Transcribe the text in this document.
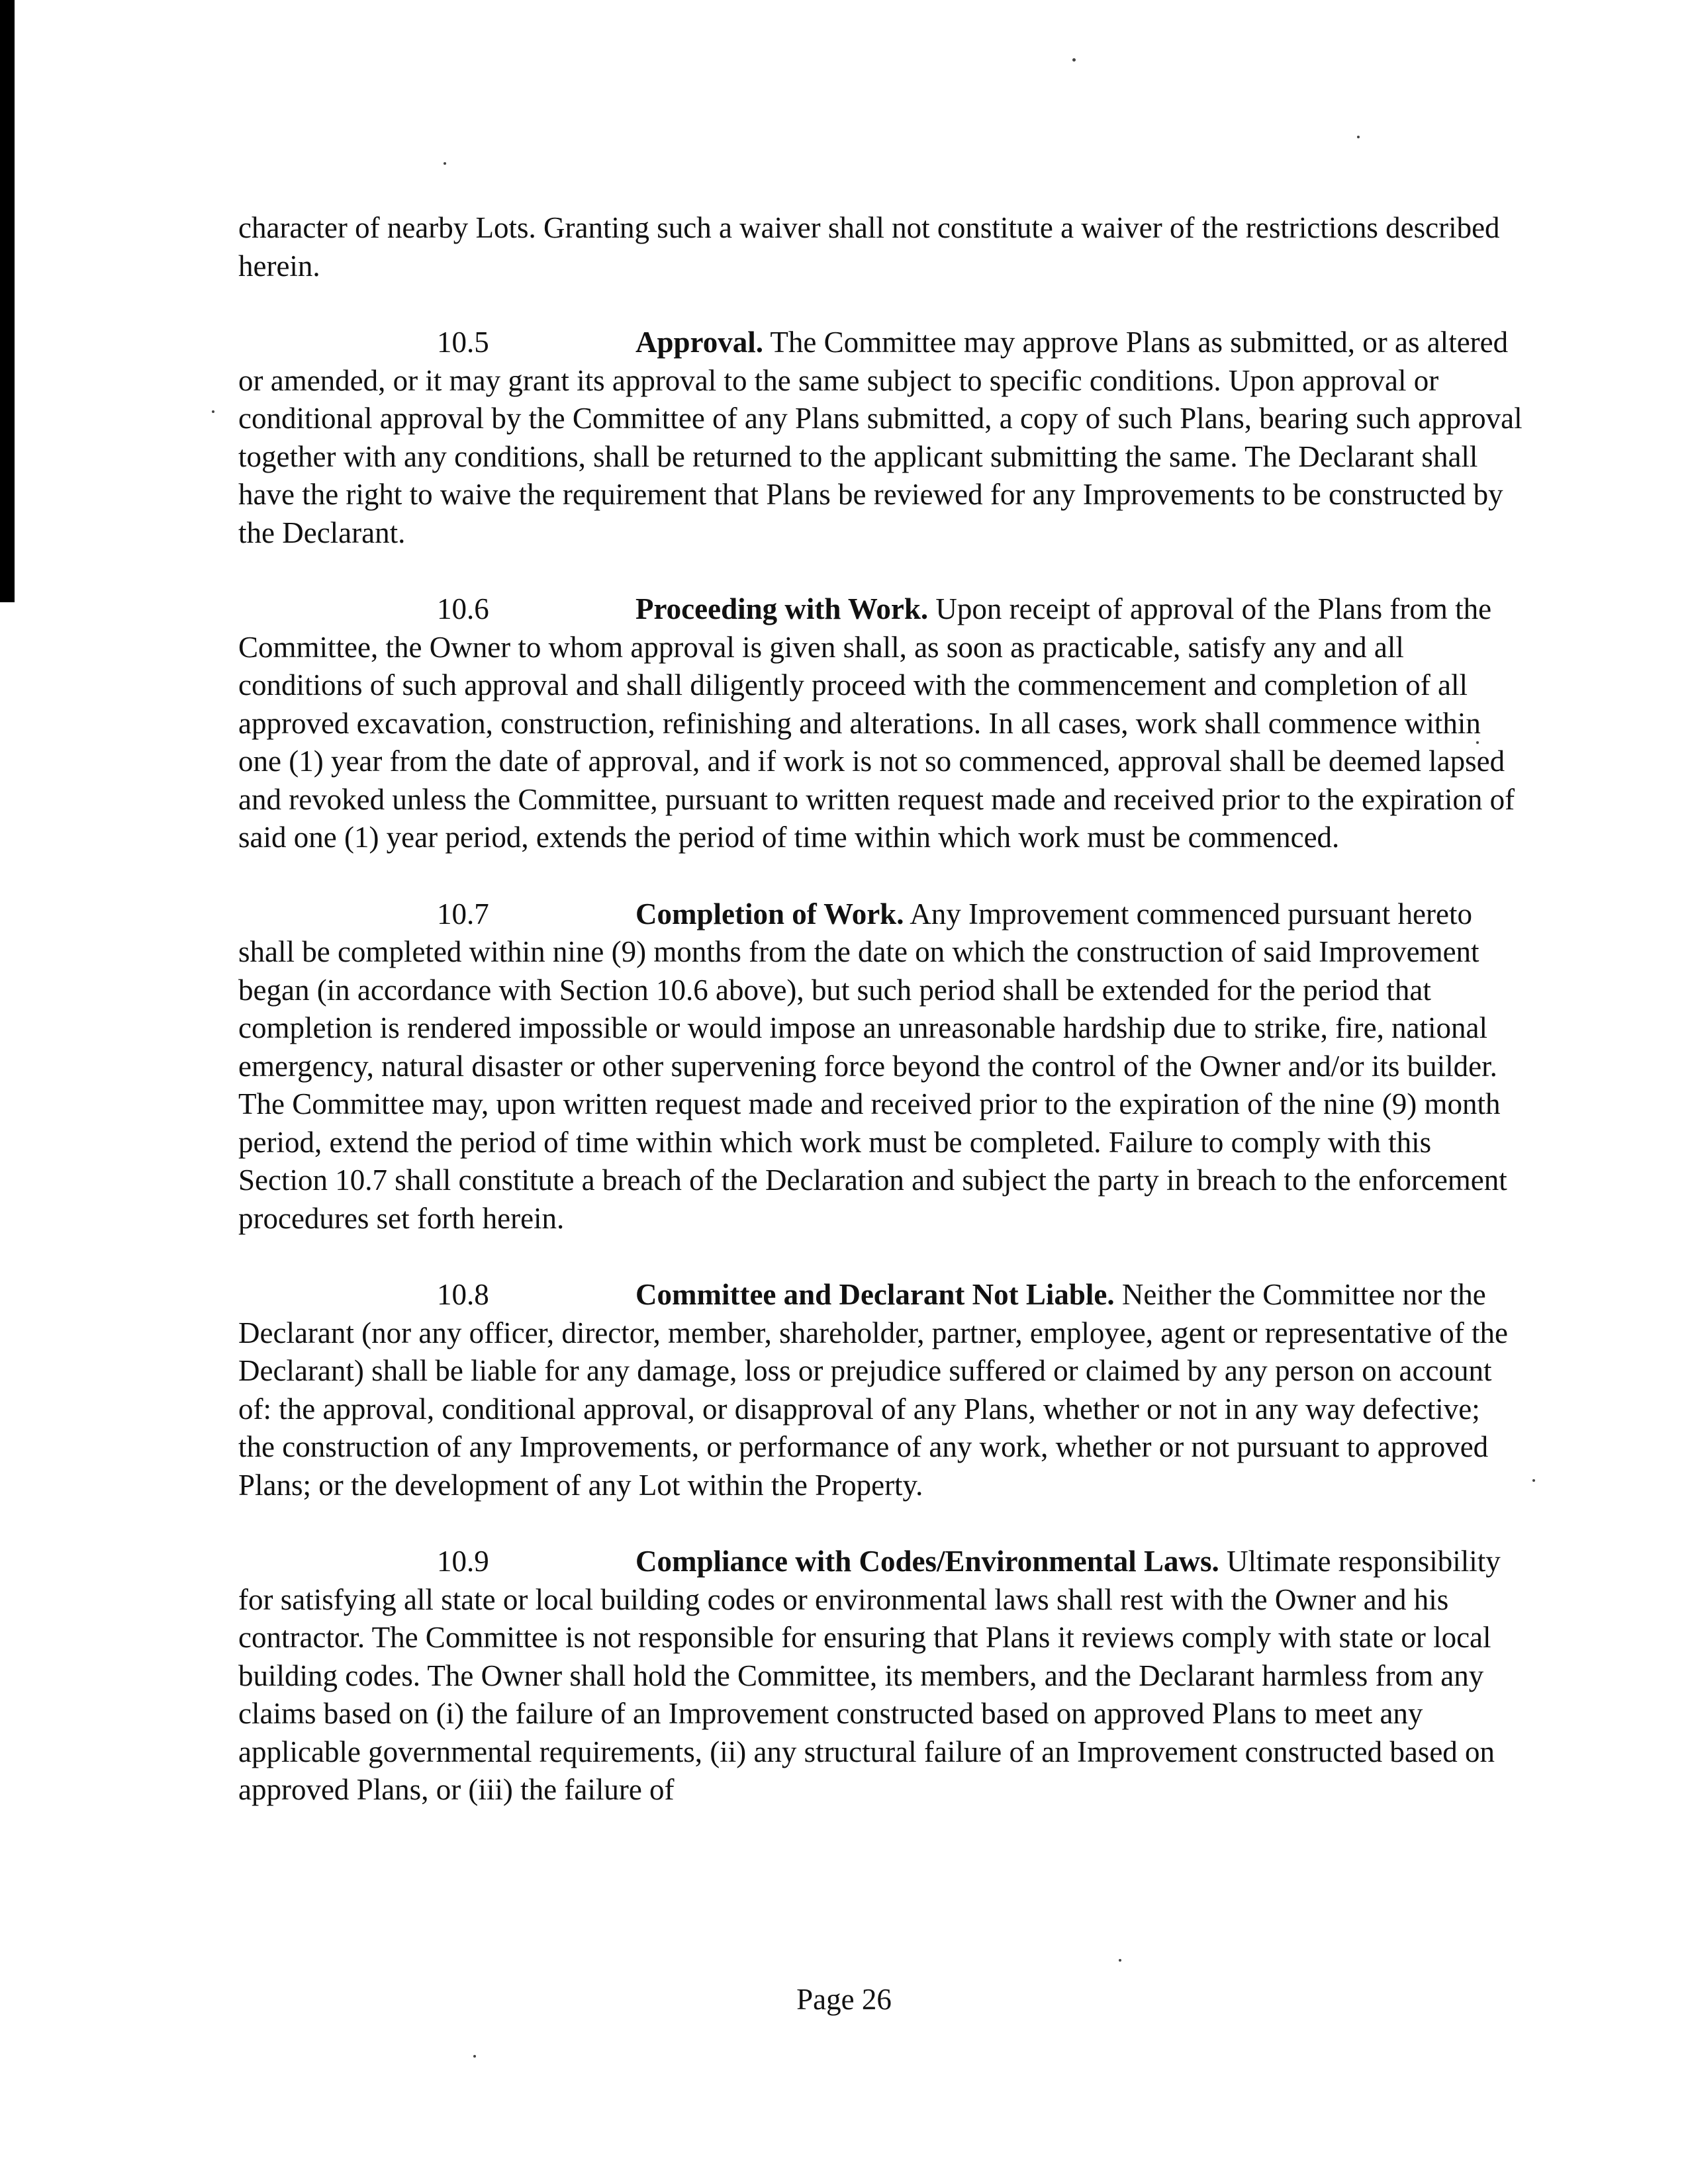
character of nearby Lots. Granting such a waiver shall not constitute a waiver of the restrictions described herein.

10.5	Approval. The Committee may approve Plans as submitted, or as altered or amended, or it may grant its approval to the same subject to specific conditions. Upon approval or conditional approval by the Committee of any Plans submitted, a copy of such Plans, bearing such approval together with any conditions, shall be returned to the applicant submitting the same. The Declarant shall have the right to waive the requirement that Plans be reviewed for any Improvements to be constructed by the Declarant.

10.6	Proceeding with Work. Upon receipt of approval of the Plans from the Committee, the Owner to whom approval is given shall, as soon as practicable, satisfy any and all conditions of such approval and shall diligently proceed with the commencement and completion of all approved excavation, construction, refinishing and alterations. In all cases, work shall commence within one (1) year from the date of approval, and if work is not so commenced, approval shall be deemed lapsed and revoked unless the Committee, pursuant to written request made and received prior to the expiration of said one (1) year period, extends the period of time within which work must be commenced.

10.7	Completion of Work. Any Improvement commenced pursuant hereto shall be completed within nine (9) months from the date on which the construction of said Improvement began (in accordance with Section 10.6 above), but such period shall be extended for the period that completion is rendered impossible or would impose an unreasonable hardship due to strike, fire, national emergency, natural disaster or other supervening force beyond the control of the Owner and/or its builder. The Committee may, upon written request made and received prior to the expiration of the nine (9) month period, extend the period of time within which work must be completed. Failure to comply with this Section 10.7 shall constitute a breach of the Declaration and subject the party in breach to the enforcement procedures set forth herein.

10.8	Committee and Declarant Not Liable. Neither the Committee nor the Declarant (nor any officer, director, member, shareholder, partner, employee, agent or representative of the Declarant) shall be liable for any damage, loss or prejudice suffered or claimed by any person on account of: the approval, conditional approval, or disapproval of any Plans, whether or not in any way defective; the construction of any Improvements, or performance of any work, whether or not pursuant to approved Plans; or the development of any Lot within the Property.

10.9	Compliance with Codes/Environmental Laws. Ultimate responsibility for satisfying all state or local building codes or environmental laws shall rest with the Owner and his contractor. The Committee is not responsible for ensuring that Plans it reviews comply with state or local building codes. The Owner shall hold the Committee, its members, and the Declarant harmless from any claims based on (i) the failure of an Improvement constructed based on approved Plans to meet any applicable governmental requirements, (ii) any structural failure of an Improvement constructed based on approved Plans, or (iii) the failure of

Page 26
